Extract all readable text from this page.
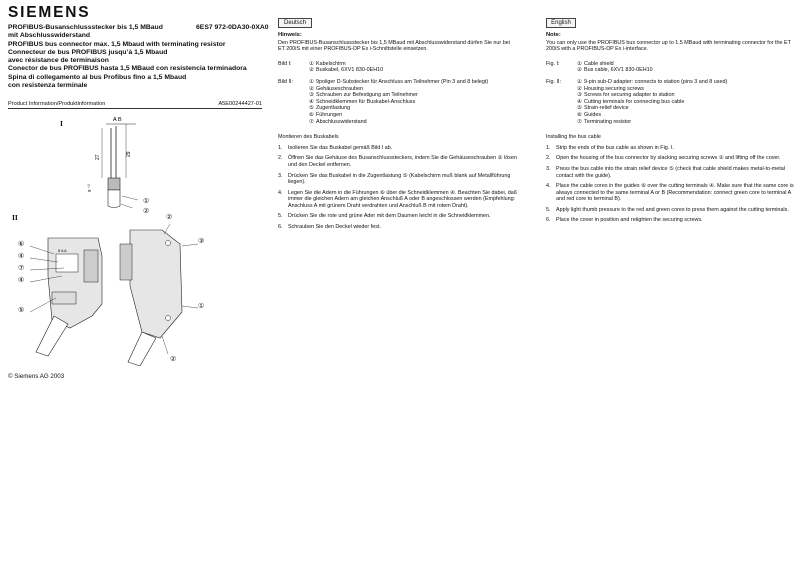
SIEMENS
PROFIBUS-Busanschlussstecker bis 1,5 MBaud
mit Abschlusswiderstand
PROFIBUS bus connector max. 1,5 Mbaud with terminating resistor
Connecteur de bus PROFIBUS jusqu’à 1,5 Mbaud
avec résistance de terminaison
Conector de bus PROFIBUS hasta 1,5 MBaud con resistencia terminadora
Spina di collegamento al bus Profibus fino a 1,5 Mbaud
con resistenza terminale
6ES7 972-0DA30-0XA0
Product Information/Produktinformation	A5E00244427-01
I	A B
27
29
9 ⁺²
①
②
II
8 A A
⑥
④
⑦
④
⑤
②
③
①
②
© Siemens AG 2003
Deutsch
Hinweis:

Den PROFIBUS-Busanschlussstecker bis 1,5 MBaud mit Abschlusswiderstand dürfen Sie nur bei ET 200iS mit einer PROFIBUS-DP Ex i-Schnittstelle einsetzen.

Bild I:	① Kabelschirm
② Buskabel, 6XV1 830-0EH10
Bild II:	① 9poliger D-Substecker für Anschluss am Teilnehmer (Pin 3 and 8 belegt)
② Gehäuseschrauben
③ Schrauben zur Befestigung am Teilnehmer
④ Schneidklemmen für Buskabel-Anschluss
⑤ Zugentlastung
⑥ Führungen
⑦ Abschlusswiderstand
Montieren des Buskabels
1.	Isolieren Sie das Buskabel gemäß Bild I ab.
2.	Öffnen Sie das Gehäuse des Busanschlusssteckers, indem Sie die Gehäuseschrauben ② lösen und den Deckel entfernen.
3.	Drücken Sie das Buskabel in die Zugentlastung ⑤ (Kabelschirm muß blank auf Metallführung liegen).
4.	Legen Sie die Adern in die Führungen ⑥ über die Schneidklemmen ④. Beachten Sie dabei, daß immer die gleichen Adern am gleichen Anschluß A oder B angeschlossen werden (Empfehlung: Anschluss A mit grünem Draht verdrahten und Anschluß B mit rotem Draht).
5.	Drücken Sie die rote und grüne Ader mit dem Daumen leicht in die Schneidklemmen.
6.	Schrauben Sie den Deckel wieder fest.
English
Note:

You can only use the PROFIBUS bus connector up to 1.5 MBaud with terminating connector for the ET 200iS with a PROFIBUS-DP Ex i-interface.

Fig. I:	① Cable shield
② Bus cable, 6XV1 830-0EH10
Fig. II:	① 9-pin sub-D adapter: connects to station (pins 3 and 8 used)
② Housing securing screws
③ Screws for securing adapter to station
④ Cutting terminals for connecting bus cable
⑤ Strain-relief device
⑥ Guides
⑦ Terminating resistor
Installing the bus cable
1.	Strip the ends of the bus cable as shown in Fig. I.
2.	Open the housing of the bus connector by slacking securing screws ② and lifting off the cover.
3.	Press the bus cable into the strain relief device ⑤ (check that cable shield makes metal-to-metal contact with the guide).
4.	Place the cable cores in the guides ⑥ over the cutting terminals ④. Make sure that the same core is always connected to the same terminal A or B (Recommendation: connect green core to terminal A and red core to terminal B).
5.	Apply light thumb pressure to the red and green cores to press them against the cutting terminals.
6.	Place the cover in position and retighten the securing screws.
